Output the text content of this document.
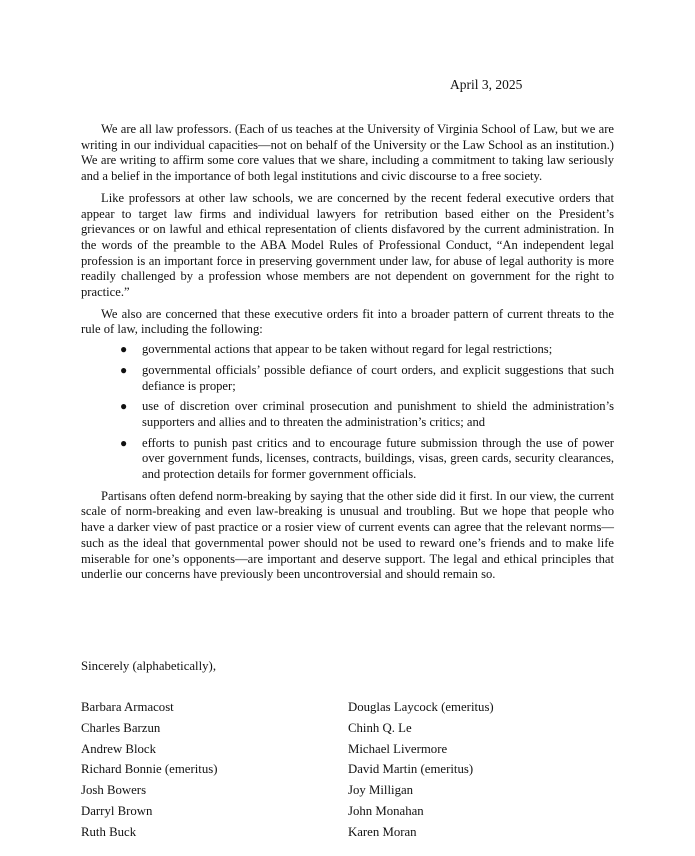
April 3, 2025

We are all law professors. (Each of us teaches at the University of Virginia School of Law, but we are writing in our individual capacities—not on behalf of the University or the Law School as an institution.) We are writing to affirm some core values that we share, including a commitment to taking law seriously and a belief in the importance of both legal institutions and civic discourse to a free society.

Like professors at other law schools, we are concerned by the recent federal executive orders that appear to target law firms and individual lawyers for retribution based either on the President’s grievances or on lawful and ethical representation of clients disfavored by the current administration. In the words of the preamble to the ABA Model Rules of Professional Conduct, “An independent legal profession is an important force in preserving government under law, for abuse of legal authority is more readily challenged by a profession whose members are not dependent on government for the right to practice.”

We also are concerned that these executive orders fit into a broader pattern of current threats to the rule of law, including the following:

● governmental actions that appear to be taken without regard for legal restrictions;
● governmental officials’ possible defiance of court orders, and explicit suggestions that such defiance is proper;
● use of discretion over criminal prosecution and punishment to shield the administration’s supporters and allies and to threaten the administration’s critics; and
● efforts to punish past critics and to encourage future submission through the use of power over government funds, licenses, contracts, buildings, visas, green cards, security clearances, and protection details for former government officials.

Partisans often defend norm-breaking by saying that the other side did it first. In our view, the current scale of norm-breaking and even law-breaking is unusual and troubling. But we hope that people who have a darker view of past practice or a rosier view of current events can agree that the relevant norms—such as the ideal that governmental power should not be used to reward one’s friends and to make life miserable for one’s opponents—are important and deserve support. The legal and ethical principles that underlie our concerns have previously been uncontroversial and should remain so.

Sincerely (alphabetically),
Barbara Armacost
Charles Barzun
Andrew Block
Richard Bonnie (emeritus)
Josh Bowers
Darryl Brown
Ruth Buck
Douglas Laycock (emeritus)
Chinh Q. Le
Michael Livermore
David Martin (emeritus)
Joy Milligan
John Monahan
Karen Moran
